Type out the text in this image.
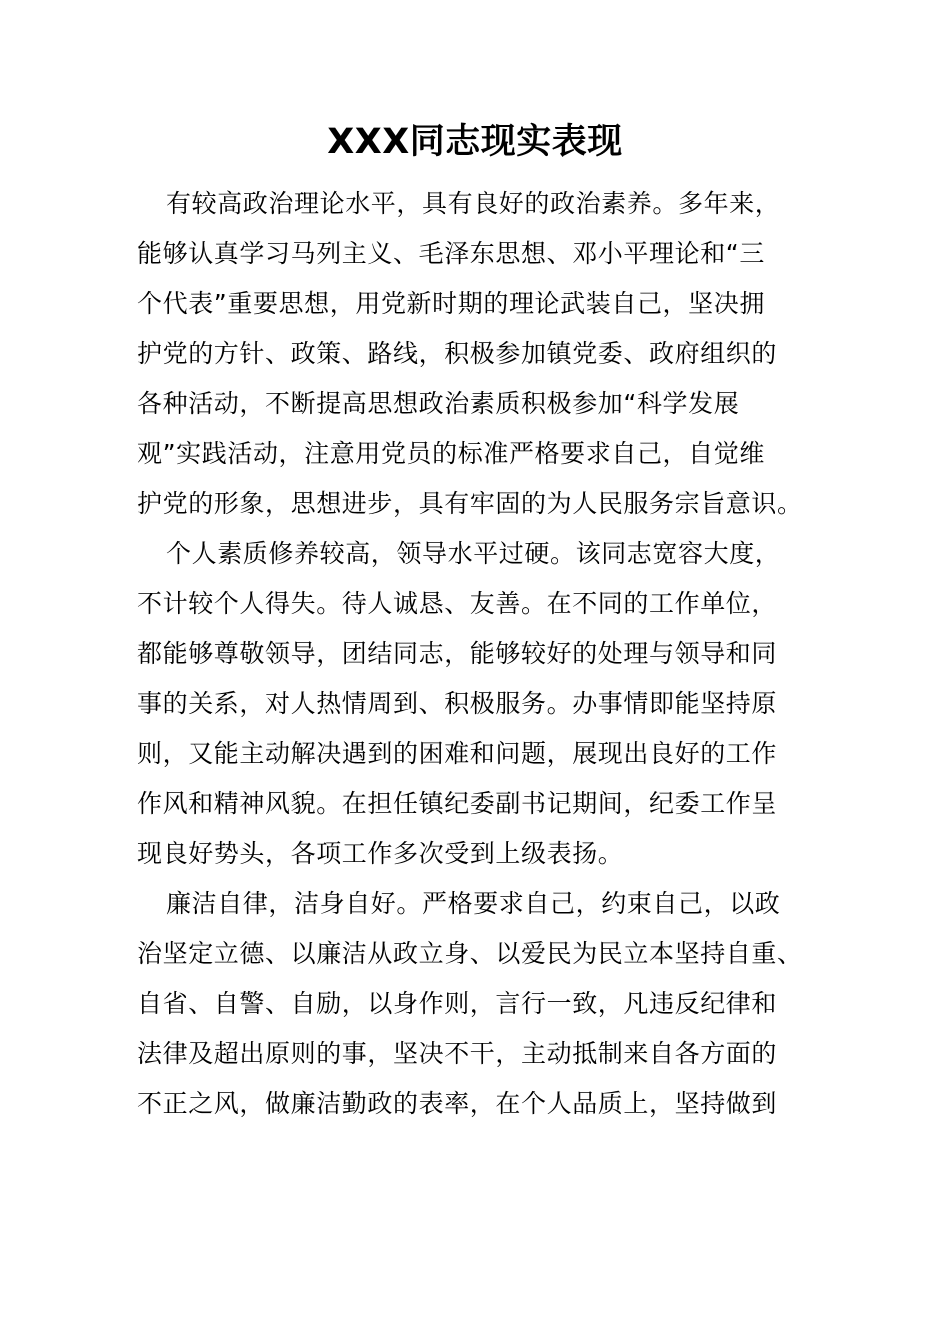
XXX同志现实表现
有较高政治理论水平，具有良好的政治素养。多年来，
能够认真学习马列主义、毛泽东思想、邓小平理论和“三
个代表”重要思想，用党新时期的理论武装自己，坚决拥
护党的方针、政策、路线，积极参加镇党委、政府组织的
各种活动，不断提高思想政治素质积极参加“科学发展
观”实践活动，注意用党员的标准严格要求自己，自觉维
护党的形象，思想进步，具有牢固的为人民服务宗旨意识。
个人素质修养较高，领导水平过硬。该同志宽容大度，
不计较个人得失。待人诚恳、友善。在不同的工作单位，
都能够尊敬领导，团结同志，能够较好的处理与领导和同
事的关系，对人热情周到、积极服务。办事情即能坚持原
则，又能主动解决遇到的困难和问题，展现出良好的工作
作风和精神风貌。在担任镇纪委副书记期间，纪委工作呈
现良好势头，各项工作多次受到上级表扬。
廉洁自律，洁身自好。严格要求自己，约束自己，以政
治坚定立德、以廉洁从政立身、以爱民为民立本坚持自重、
自省、自警、自励，以身作则，言行一致，凡违反纪律和
法律及超出原则的事，坚决不干，主动抵制来自各方面的
不正之风，做廉洁勤政的表率，在个人品质上，坚持做到
